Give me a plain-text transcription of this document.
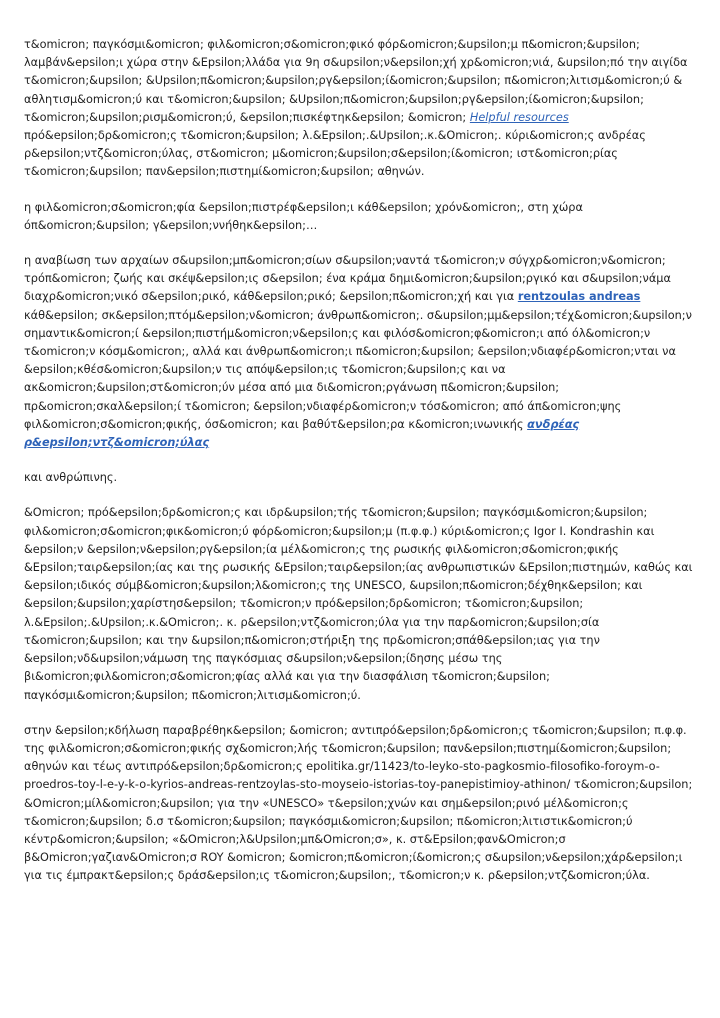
τ&omicron; παγκόσμι&omicron; φιλ&omicron;σ&omicron;φικό φόρ&omicron;&upsilon;μ π&omicron;&upsilon; λαμβάν&epsilon;ι χώρα στην &Epsilon;λλάδα για 9η σ&upsilon;ν&epsilon;χή χρ&omicron;νιά, &upsilon;πό την αιγίδα τ&omicron;&upsilon; &Upsilon;π&omicron;&upsilon;ργ&epsilon;ί&omicron;&upsilon; π&omicron;λιτισμ&omicron;ύ & αθλητισμ&omicron;ύ και τ&omicron;&upsilon; &Upsilon;π&omicron;&upsilon;ργ&epsilon;ί&omicron;&upsilon; τ&omicron;&upsilon;ρισμ&omicron;ύ, &epsilon;πισκέφτηκ&epsilon; &omicron; Helpful resources πρό&epsilon;δρ&omicron;ς τ&omicron;&upsilon; λ.&Epsilon;.&Upsilon;.κ.&Omicron;. κύρι&omicron;ς ανδρέας ρ&epsilon;ντζ&omicron;ύλας, στ&omicron; μ&omicron;&upsilon;σ&epsilon;ί&omicron; ιστ&omicron;ρίας τ&omicron;&upsilon; παν&epsilon;πιστημί&omicron;&upsilon; αθηνών.

η φιλ&omicron;σ&omicron;φία &epsilon;πιστρέφ&epsilon;ι κάθ&epsilon; χρόν&omicron;, στη χώρα όπ&omicron;&upsilon; γ&epsilon;ννήθηκ&epsilon;…

η αναβίωση των αρχαίων σ&upsilon;μπ&omicron;σίων σ&upsilon;ναντά τ&omicron;ν σύγχρ&omicron;ν&omicron; τρόπ&omicron; ζωής και σκέψ&epsilon;ις σ&epsilon; ένα κράμα δημι&omicron;&upsilon;ργικό και σ&upsilon;νάμα διαχρ&omicron;νικό σ&epsilon;ρικό, κάθ&epsilon;ρικό; &epsilon;π&omicron;χή και για rentzoulas andreas κάθ&epsilon; σκ&epsilon;πτόμ&epsilon;ν&omicron; άνθρωπ&omicron;. σ&upsilon;μμ&epsilon;τέχ&omicron;&upsilon;ν σημαντικ&omicron;ί &epsilon;πιστήμ&omicron;ν&epsilon;ς και φιλόσ&omicron;φ&omicron;ι από όλ&omicron;ν τ&omicron;ν κόσμ&omicron;, αλλά και άνθρωπ&omicron;ι π&omicron;&upsilon; &epsilon;νδιαφέρ&omicron;νται να &epsilon;κθέσ&omicron;&upsilon;ν τις απόψ&epsilon;ις τ&omicron;&upsilon;ς και να ακ&omicron;&upsilon;στ&omicron;ύν μέσα από μια δι&omicron;ργάνωση π&omicron;&upsilon; πρ&omicron;σκαλ&epsilon;ί τ&omicron; &epsilon;νδιαφέρ&omicron;ν τόσ&omicron; από άπ&omicron;ψης φιλ&omicron;σ&omicron;φικής, όσ&omicron; και βαθύτ&epsilon;ρα κ&omicron;ινωνικής ανδρέας ρ&epsilon;ντζ&omicron;ύλας

και ανθρώπινης.

&Omicron; πρό&epsilon;δρ&omicron;ς και ιδρ&upsilon;τής τ&omicron;&upsilon; παγκόσμι&omicron;&upsilon; φιλ&omicron;σ&omicron;φικ&omicron;ύ φόρ&omicron;&upsilon;μ (π.φ.φ.) κύρι&omicron;ς Igor I. Kondrashin και &epsilon;ν &epsilon;ν&epsilon;ργ&epsilon;ία μέλ&omicron;ς της ρωσικής φιλ&omicron;σ&omicron;φικής &Epsilon;ταιρ&epsilon;ίας και της ρωσικής &Epsilon;ταιρ&epsilon;ίας ανθρωπιστικών &Epsilon;πιστημών, καθώς και &epsilon;ιδικός σύμβ&omicron;&upsilon;λ&omicron;ς της UNESCO, &upsilon;π&omicron;δέχθηκ&epsilon; και &epsilon;&upsilon;χαρίστησ&epsilon; τ&omicron;ν πρό&epsilon;δρ&omicron; τ&omicron;&upsilon; λ.&Epsilon;.&Upsilon;.κ.&Omicron;. κ. ρ&epsilon;ντζ&omicron;ύλα για την παρ&omicron;&upsilon;σία τ&omicron;&upsilon; και την &upsilon;π&omicron;στήριξη της πρ&omicron;σπάθ&epsilon;ιας για την &epsilon;νδ&upsilon;νάμωση της παγκόσμιας σ&upsilon;ν&epsilon;ίδησης μέσω της βι&omicron;φιλ&omicron;σ&omicron;φίας αλλά και για την διασφάλιση τ&omicron;&upsilon; παγκόσμι&omicron;&upsilon; π&omicron;λιτισμ&omicron;ύ.

στην &epsilon;κδήλωση παραβρέθηκ&epsilon; &omicron; αντιπρό&epsilon;δρ&omicron;ς τ&omicron;&upsilon; π.φ.φ. της φιλ&omicron;σ&omicron;φικής σχ&omicron;λής τ&omicron;&upsilon; παν&epsilon;πιστημί&omicron;&upsilon; αθηνών και τέως αντιπρό&epsilon;δρ&omicron;ς epolitika.gr/11423/to-leyko-sto-pagkosmio-filosofiko-foroym-o-proedros-toy-l-e-y-k-o-kyrios-andreas-rentzoylas-sto-moyseio-istorias-toy-panepistimioy-athinon/ τ&omicron;&upsilon; &Omicron;μίλ&omicron;&upsilon; για την «UNESCO» τ&epsilon;χνών και σημ&epsilon;ρινό μέλ&omicron;ς τ&omicron;&upsilon; δ.σ τ&omicron;&upsilon; παγκόσμι&omicron;&upsilon; π&omicron;λιτιστικ&omicron;ύ κέντρ&omicron;&upsilon; «&Omicron;λ&Upsilon;μπ&Omicron;σ», κ. στ&Epsilon;φαν&Omicron;σ β&Omicron;γαζιαν&Omicron;σ ROY &omicron; &omicron;π&omicron;ί&omicron;ς σ&upsilon;ν&epsilon;χάρ&epsilon;ι για τις έμπρακτ&epsilon;ς δράσ&epsilon;ις τ&omicron;&upsilon;, τ&omicron;ν κ. ρ&epsilon;ντζ&omicron;ύλα.
